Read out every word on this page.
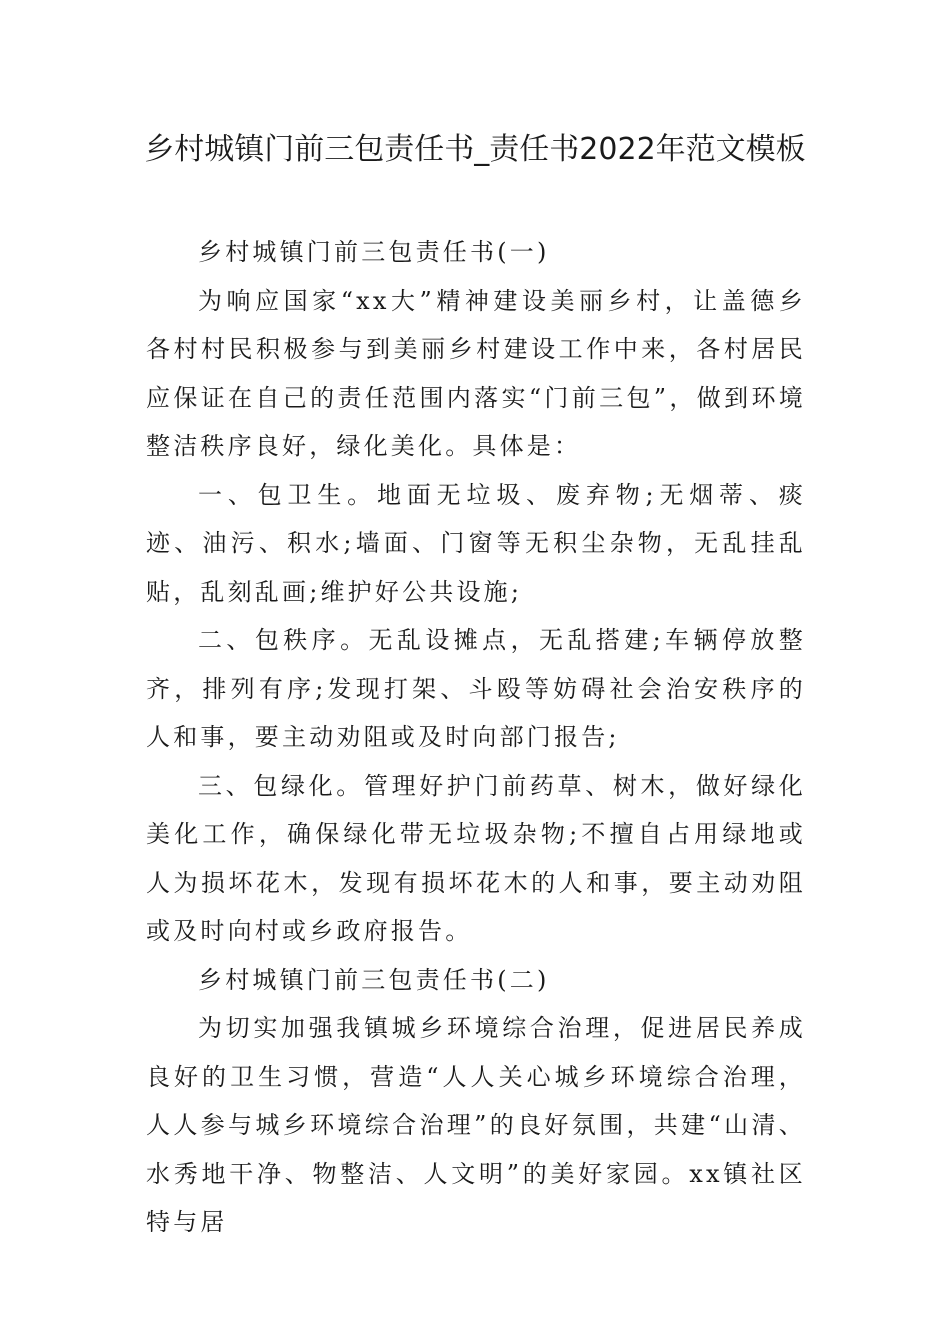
乡村城镇门前三包责任书_责任书2022年范文模板

乡村城镇门前三包责任书(一)

为响应国家“xx大”精神建设美丽乡村，让盖德乡各村村民积极参与到美丽乡村建设工作中来，各村居民应保证在自己的责任范围内落实“门前三包”，做到环境整洁秩序良好，绿化美化。具体是：

一、包卫生。地面无垃圾、废弃物;无烟蒂、痰迹、油污、积水;墙面、门窗等无积尘杂物，无乱挂乱贴，乱刻乱画;维护好公共设施;

二、包秩序。无乱设摊点，无乱搭建;车辆停放整齐，排列有序;发现打架、斗殴等妨碍社会治安秩序的人和事，要主动劝阻或及时向部门报告;

三、包绿化。管理好护门前药草、树木，做好绿化美化工作，确保绿化带无垃圾杂物;不擅自占用绿地或人为损坏花木，发现有损坏花木的人和事，要主动劝阻或及时向村或乡政府报告。

乡村城镇门前三包责任书(二)

为切实加强我镇城乡环境综合治理，促进居民养成良好的卫生习惯，营造“人人关心城乡环境综合治理，人人参与城乡环境综合治理”的良好氛围，共建“山清、水秀地干净、物整洁、人文明”的美好家园。xx镇社区特与居
